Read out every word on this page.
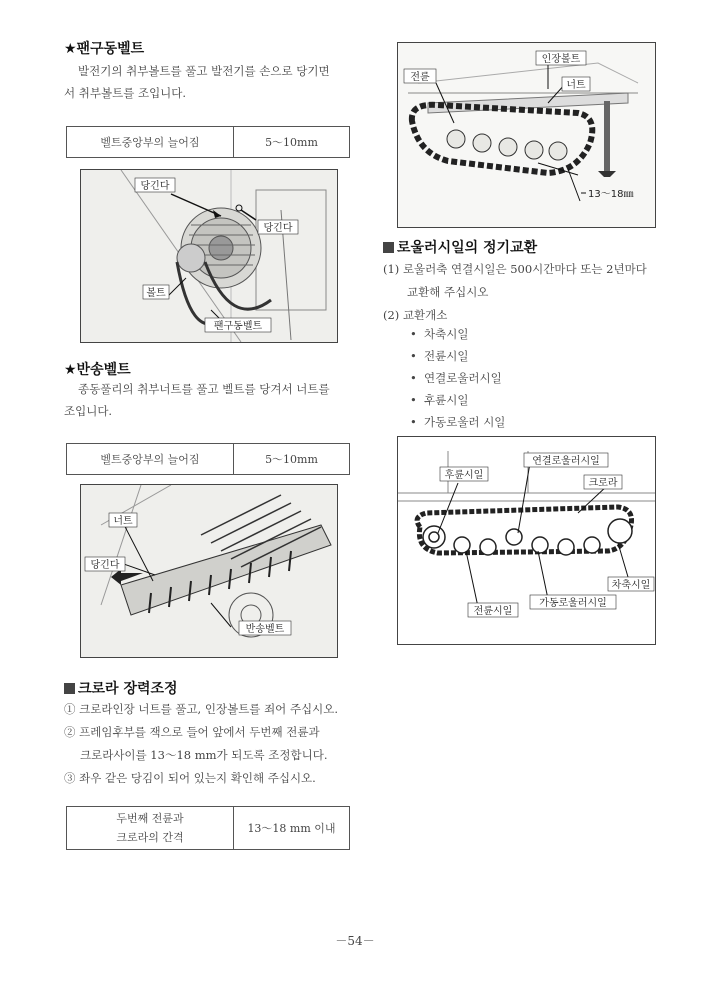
★팬구동벨트
발전기의 취부볼트를 풀고 발전기를 손으로 당기면
서 취부볼트를 조입니다.
벨트중앙부의 늘어짐	5～10mm
당긴다
당긴다
볼트
팬구동벨트
★반송벨트
종동풀리의 취부너트를 풀고 벨트를 당겨서 너트를
조입니다.
벨트중앙부의 늘어짐	5～10mm
너트
당긴다
반송벨트
크로라 장력조정
① 크로라인장 너트를 풀고, 인장볼트를 죄어 주십시오.
② 프레임후부를 잭으로 들어 앞에서 두번째 전륜과
크로라사이를 13～18 mm가 되도록 조정합니다.
③ 좌우 같은 당김이 되어 있는지 확인해 주십시오.
두번째 전륜과
크로라의 간격
13～18 mm 이내
인장볼트
전륜
너트
13～18㎜
로울러시일의 정기교환
(1) 로울러축 연결시일은 500시간마다 또는 2년마다
교환해 주십시오
(2) 교환개소
• 차축시일
• 전륜시일
• 연결로울러시일
• 후륜시일
• 가동로울러 시일
후륜시일
연결로울러시일
크로라
차축시일
전륜시일
가동로울러시일
－54－
